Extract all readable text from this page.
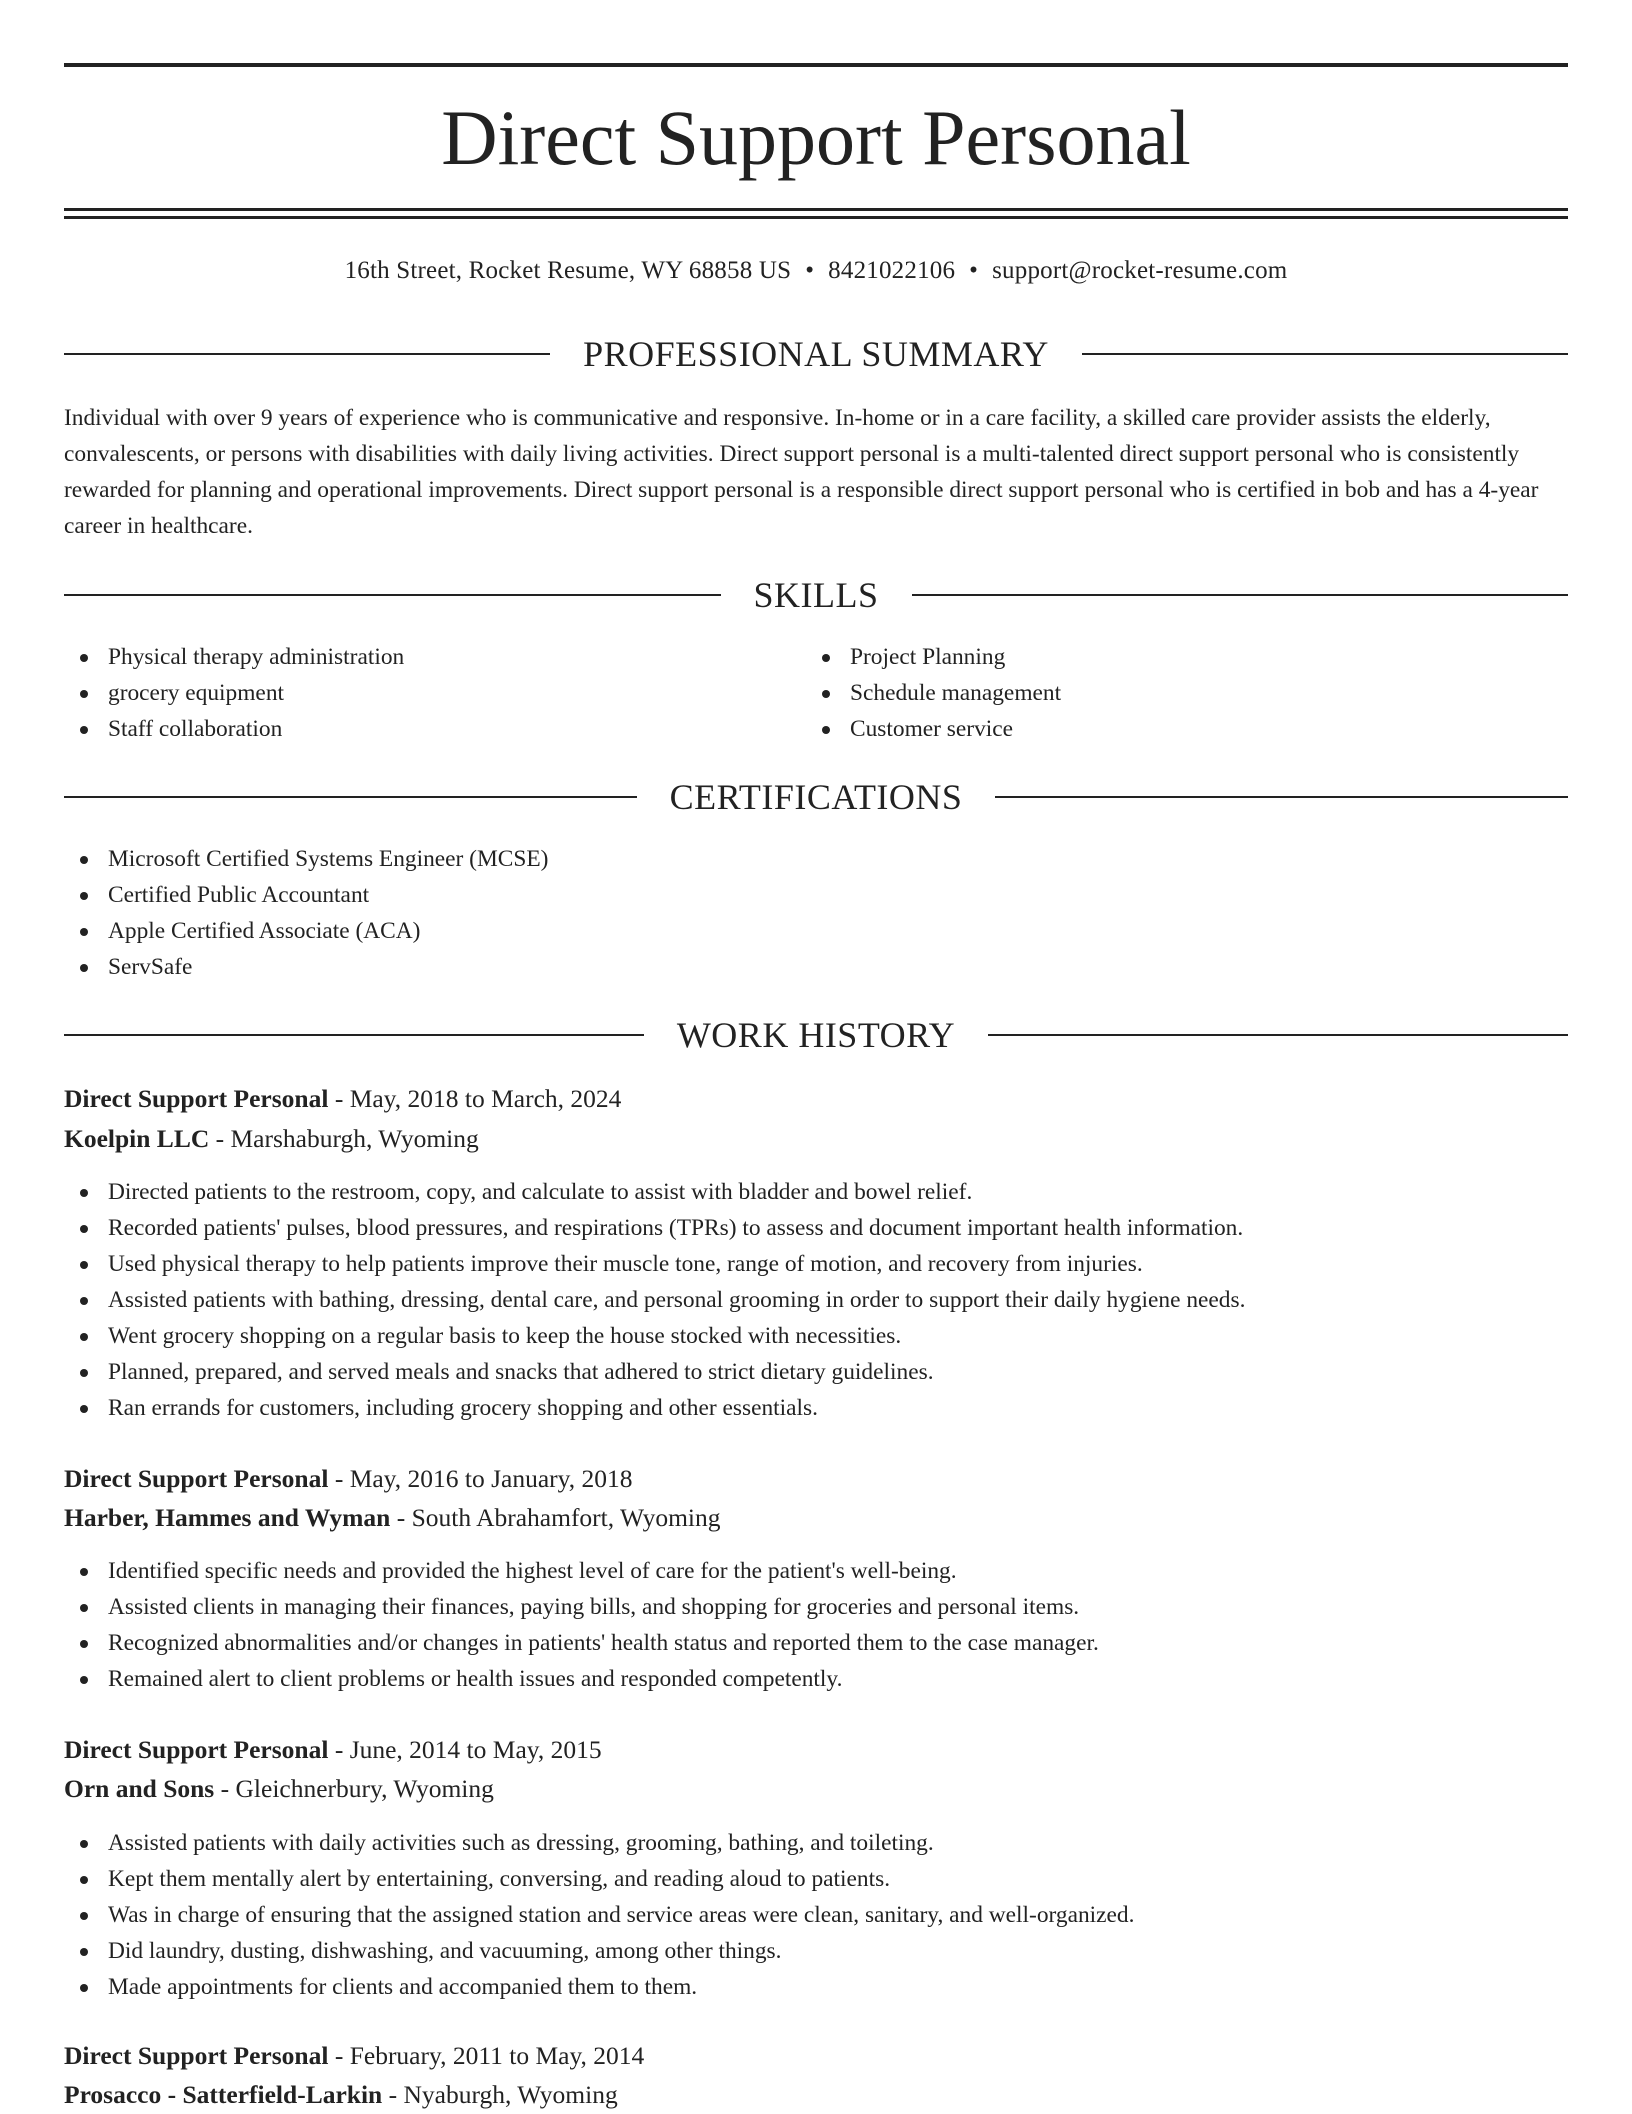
Direct Support Personal
16th Street, Rocket Resume, WY 68858 US • 8421022106 • support@rocket-resume.com
PROFESSIONAL SUMMARY
Individual with over 9 years of experience who is communicative and responsive. In-home or in a care facility, a skilled care provider assists the elderly, convalescents, or persons with disabilities with daily living activities. Direct support personal is a multi-talented direct support personal who is consistently rewarded for planning and operational improvements. Direct support personal is a responsible direct support personal who is certified in bob and has a 4-year career in healthcare.
SKILLS
Physical therapy administration
grocery equipment
Staff collaboration
Project Planning
Schedule management
Customer service
CERTIFICATIONS
Microsoft Certified Systems Engineer (MCSE)
Certified Public Accountant
Apple Certified Associate (ACA)
ServSafe
WORK HISTORY
Direct Support Personal - May, 2018 to March, 2024
Koelpin LLC - Marshaburgh, Wyoming
Directed patients to the restroom, copy, and calculate to assist with bladder and bowel relief.
Recorded patients' pulses, blood pressures, and respirations (TPRs) to assess and document important health information.
Used physical therapy to help patients improve their muscle tone, range of motion, and recovery from injuries.
Assisted patients with bathing, dressing, dental care, and personal grooming in order to support their daily hygiene needs.
Went grocery shopping on a regular basis to keep the house stocked with necessities.
Planned, prepared, and served meals and snacks that adhered to strict dietary guidelines.
Ran errands for customers, including grocery shopping and other essentials.
Direct Support Personal - May, 2016 to January, 2018
Harber, Hammes and Wyman - South Abrahamfort, Wyoming
Identified specific needs and provided the highest level of care for the patient's well-being.
Assisted clients in managing their finances, paying bills, and shopping for groceries and personal items.
Recognized abnormalities and/or changes in patients' health status and reported them to the case manager.
Remained alert to client problems or health issues and responded competently.
Direct Support Personal - June, 2014 to May, 2015
Orn and Sons - Gleichnerbury, Wyoming
Assisted patients with daily activities such as dressing, grooming, bathing, and toileting.
Kept them mentally alert by entertaining, conversing, and reading aloud to patients.
Was in charge of ensuring that the assigned station and service areas were clean, sanitary, and well-organized.
Did laundry, dusting, dishwashing, and vacuuming, among other things.
Made appointments for clients and accompanied them to them.
Direct Support Personal - February, 2011 to May, 2014
Prosacco - Satterfield-Larkin - Nyaburgh, Wyoming
